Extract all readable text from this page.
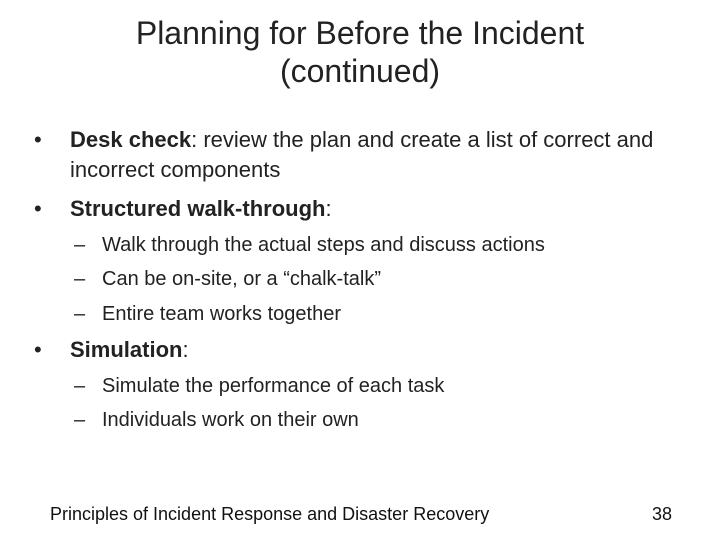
Planning for Before the Incident
(continued)
• Desk check: review the plan and create a list of correct and incorrect components
• Structured walk-through:
– Walk through the actual steps and discuss actions
– Can be on-site, or a “chalk-talk”
– Entire team works together
• Simulation:
– Simulate the performance of each task
– Individuals work on their own
Principles of Incident Response and Disaster Recovery	38
